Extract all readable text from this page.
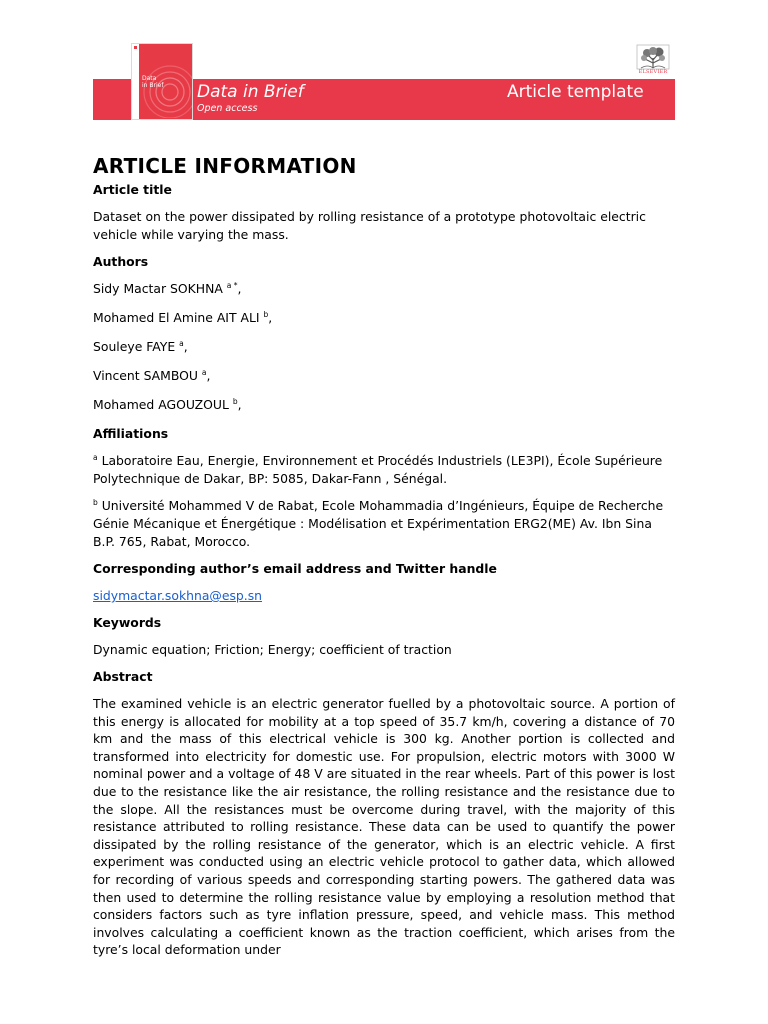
Data
in Brief Data in Brief
Open access
Article template
ELSEVIER
ARTICLE INFORMATION
Article title
Dataset on the power dissipated by rolling resistance of a prototype photovoltaic electric vehicle while varying the mass.
Authors
Sidy Mactar SOKHNA $^{a *}$,
Mohamed El Amine AIT ALI $^b$,
Souleye FAYE $^a$,
Vincent SAMBOU $^a$,
Mohamed AGOUZOUL $^b$,
Affiliations
$^a$ Laboratoire Eau, Energie, Environnement et Procédés Industriels (LE3PI), École Supérieure Polytechnique de Dakar, BP: 5085, Dakar-Fann , Sénégal.
$^b$ Université Mohammed V de Rabat, Ecole Mohammadia d’Ingénieurs, Équipe de Recherche Génie Mécanique et Énergétique : Modélisation et Expérimentation ERG2(ME) Av. Ibn Sina B.P. 765, Rabat, Morocco.
Corresponding author’s email address and Twitter handle
sidymactar.sokhna@esp.sn
Keywords
Dynamic equation; Friction; Energy; coefficient of traction
Abstract
The examined vehicle is an electric generator fuelled by a photovoltaic source. A portion of this energy is allocated for mobility at a top speed of 35.7 km/h, covering a distance of 70 km and the mass of this electrical vehicle is 300 kg. Another portion is collected and transformed into electricity for domestic use. For propulsion, electric motors with 3000 W nominal power and a voltage of 48 V are situated in the rear wheels. Part of this power is lost due to the resistance like the air resistance, the rolling resistance and the resistance due to the slope. All the resistances must be overcome during travel, with the majority of this resistance attributed to rolling resistance. These data can be used to quantify the power dissipated by the rolling resistance of the generator, which is an electric vehicle. A first experiment was conducted using an electric vehicle protocol to gather data, which allowed for recording of various speeds and corresponding starting powers. The gathered data was then used to determine the rolling resistance value by employing a resolution method that considers factors such as tyre inflation pressure, speed, and vehicle mass. This method involves calculating a coefficient known as the traction coefficient, which arises from the tyre’s local deformation under
